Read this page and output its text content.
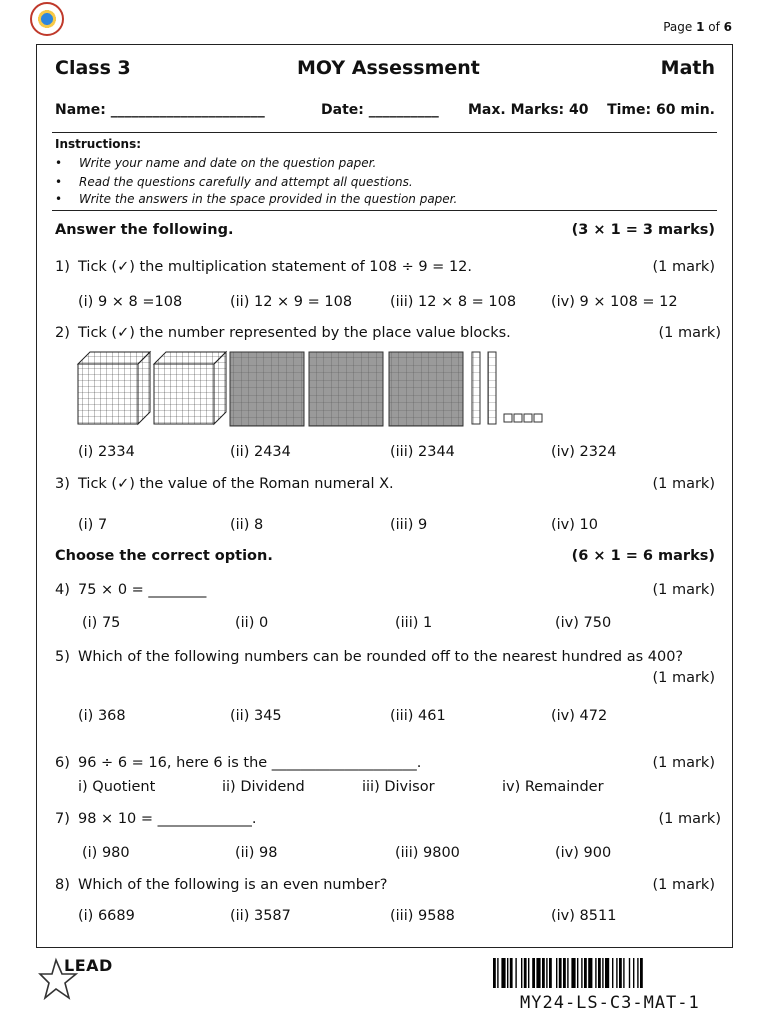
Page 1 of 6
Class 3	MOY Assessment	Math
Name: ______________________	Date: __________ Max. Marks: 40 Time: 60 min.
Instructions:
• Write your name and date on the question paper.
• Read the questions carefully and attempt all questions.
• Write the answers in the space provided in the question paper.
Answer the following.	(3 × 1 = 3 marks)
1) Tick (✓) the multiplication statement of 108 ÷ 9 = 12.	(1 mark)
(i) 9 × 8 =108	(ii) 12 × 9 = 108	(iii) 12 × 8 = 108 (iv) 9 × 108 = 12
2) Tick (✓) the number represented by the place value blocks.	(1 mark)
(i) 2334	(ii) 2434	(iii) 2344	(iv) 2324
3) Tick (✓) the value of the Roman numeral X.	(1 mark)
(i) 7	(ii) 8	(iii) 9	(iv) 10
Choose the correct option.	(6 × 1 = 6 marks)
4) 75 × 0 = ________	(1 mark)
(i) 75	(ii) 0	(iii) 1	(iv) 750
5) Which of the following numbers can be rounded off to the nearest hundred as 400?
(1 mark)
(i) 368	(ii) 345	(iii) 461	(iv) 472
6) 96 ÷ 6 = 16, here 6 is the ____________________.	(1 mark)
i) Quotient	ii) Dividend	iii) Divisor	iv) Remainder
7) 98 × 10 = _____________.	(1 mark)
(i) 980	(ii) 98	(iii) 9800	(iv) 900
8) Which of the following is an even number?	(1 mark)
(i) 6689	(ii) 3587	(iii) 9588	(iv) 8511
LEAD
MY24-LS-C3-MAT-1
